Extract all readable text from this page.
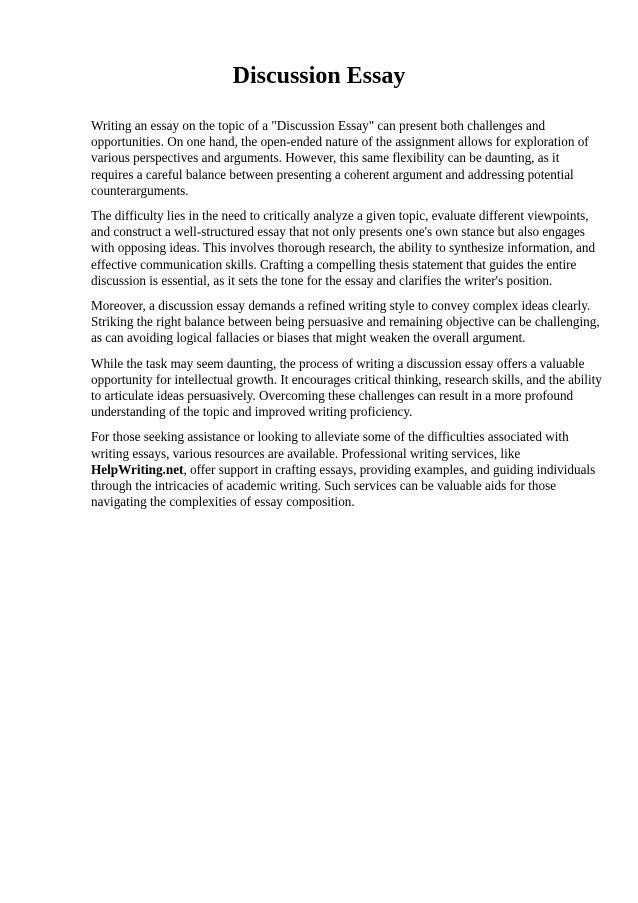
Discussion Essay

Writing an essay on the topic of a "Discussion Essay" can present both challenges and opportunities. On one hand, the open-ended nature of the assignment allows for exploration of various perspectives and arguments. However, this same flexibility can be daunting, as it requires a careful balance between presenting a coherent argument and addressing potential counterarguments.

The difficulty lies in the need to critically analyze a given topic, evaluate different viewpoints, and construct a well-structured essay that not only presents one's own stance but also engages with opposing ideas. This involves thorough research, the ability to synthesize information, and effective communication skills. Crafting a compelling thesis statement that guides the entire discussion is essential, as it sets the tone for the essay and clarifies the writer's position.

Moreover, a discussion essay demands a refined writing style to convey complex ideas clearly. Striking the right balance between being persuasive and remaining objective can be challenging, as can avoiding logical fallacies or biases that might weaken the overall argument.

While the task may seem daunting, the process of writing a discussion essay offers a valuable opportunity for intellectual growth. It encourages critical thinking, research skills, and the ability to articulate ideas persuasively. Overcoming these challenges can result in a more profound understanding of the topic and improved writing proficiency.

For those seeking assistance or looking to alleviate some of the difficulties associated with writing essays, various resources are available. Professional writing services, like HelpWriting.net, offer support in crafting essays, providing examples, and guiding individuals through the intricacies of academic writing. Such services can be valuable aids for those navigating the complexities of essay composition.
